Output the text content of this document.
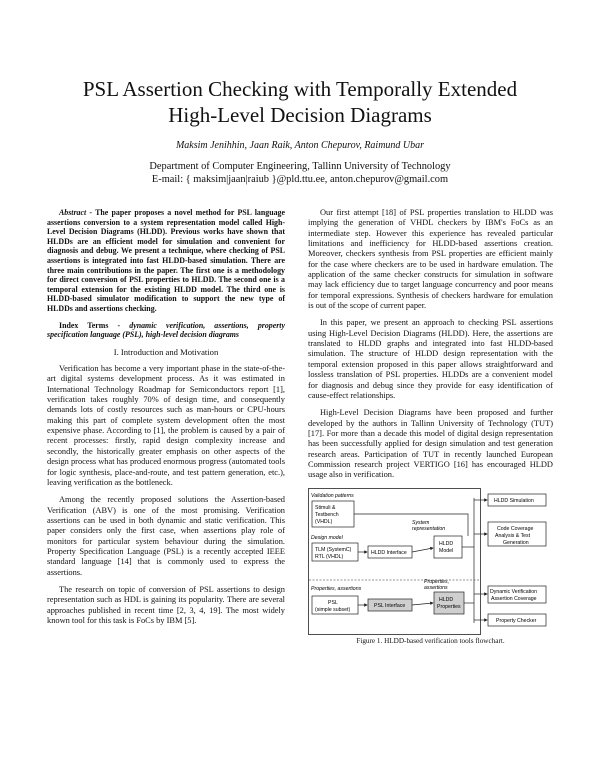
PSL Assertion Checking with Temporally Extended
High-Level Decision Diagrams
Maksim Jenihhin, Jaan Raik, Anton Chepurov, Raimund Ubar
Department of Computer Engineering, Tallinn University of Technology
E-mail: { maksim|jaan|raiub }@pld.ttu.ee, anton.chepurov@gmail.com

Abstract - The paper proposes a novel method for PSL language assertions conversion to a system representation model called High-Level Decision Diagrams (HLDD). Previous works have shown that HLDDs are an efficient model for simulation and convenient for diagnosis and debug. We present a technique, where checking of PSL assertions is integrated into fast HLDD-based simulation. There are three main contributions in the paper. The first one is a methodology for direct conversion of PSL properties to HLDD. The second one is a temporal extension for the existing HLDD model. The third one is HLDD-based simulator modification to support the new type of HLDDs and assertions checking.

Index Terms - dynamic verification, assertions, property specification language (PSL), high-level decision diagrams

I. Introduction and Motivation

Verification has become a very important phase in the state-of-the-art digital systems development process. As it was estimated in International Technology Roadmap for Semiconductors report [1], verification takes roughly 70% of design time, and consequently demands lots of costly resources such as man-hours or CPU-hours making this part of complete system development often the most expensive phase. According to [1], the problem is caused by a pair of recent processes: firstly, rapid design complexity increase and secondly, the historically greater emphasis on other aspects of the design process what has produced enormous progress (automated tools for logic synthesis, place-and-route, and test pattern generation, etc.), leaving verification as the bottleneck.

Among the recently proposed solutions the Assertion-based Verification (ABV) is one of the most promising. Verification assertions can be used in both dynamic and static verification. This paper considers only the first case, when assertions play role of monitors for particular system behaviour during the simulation. Property Specification Language (PSL) is a recently accepted IEEE standard language [14] that is commonly used to express the assertions.

The research on topic of conversion of PSL assertions to design representation such as HDL is gaining its popularity. There are several approaches published in recent time [2, 3, 4, 19]. The most widely known tool for this task is FoCs by IBM [5].

Our first attempt [18] of PSL properties translation to HLDD was implying the generation of VHDL checkers by IBM's FoCs as an intermediate step. However this experience has revealed particular limitations and inefficiency for HLDD-based assertions creation. Moreover, checkers synthesis from PSL properties are efficient mainly for the case where checkers are to be used in hardware emulation. The application of the same checker constructs for simulation in software may lack efficiency due to target language concurrency and poor means for temporal expressions. Synthesis of checkers hardware for emulation is out of the scope of current paper.

In this paper, we present an approach to checking PSL assertions using High-Level Decision Diagrams (HLDD). Here, the assertions are translated to HLDD graphs and integrated into fast HLDD-based simulation. The structure of HLDD design representation with the temporal extension proposed in this paper allows straightforward and lossless translation of PSL properties. HLDDs are a convenient model for diagnosis and debug since they provide for easy identification of cause-effect relationships.

High-Level Decision Diagrams have been proposed and further developed by the authors in Tallinn University of Technology (TUT) [17]. For more than a decade this model of digital design representation has been successfully applied for design simulation and test generation research areas. Participation of TUT in recently launched European Commission research project VERTIGO [16] has encouraged HLDD usage also in verification.

Validation patterns
Stimuli &
Testbench
(VHDL)
Design model
TLM (SystemC)
RTL (VHDL)
HLDD Interface
System
representation
HLDD
Model
Properties, assertions
Properties,
assertions
PSL
(simple subset)
PSL Interface
HLDD
Properties
HLDD Simulation
Code Coverage
Analysis & Test
Generation
Dynamic Verification
Assertion Coverage
Property Checker

Figure 1. HLDD-based verification tools flowchart.
